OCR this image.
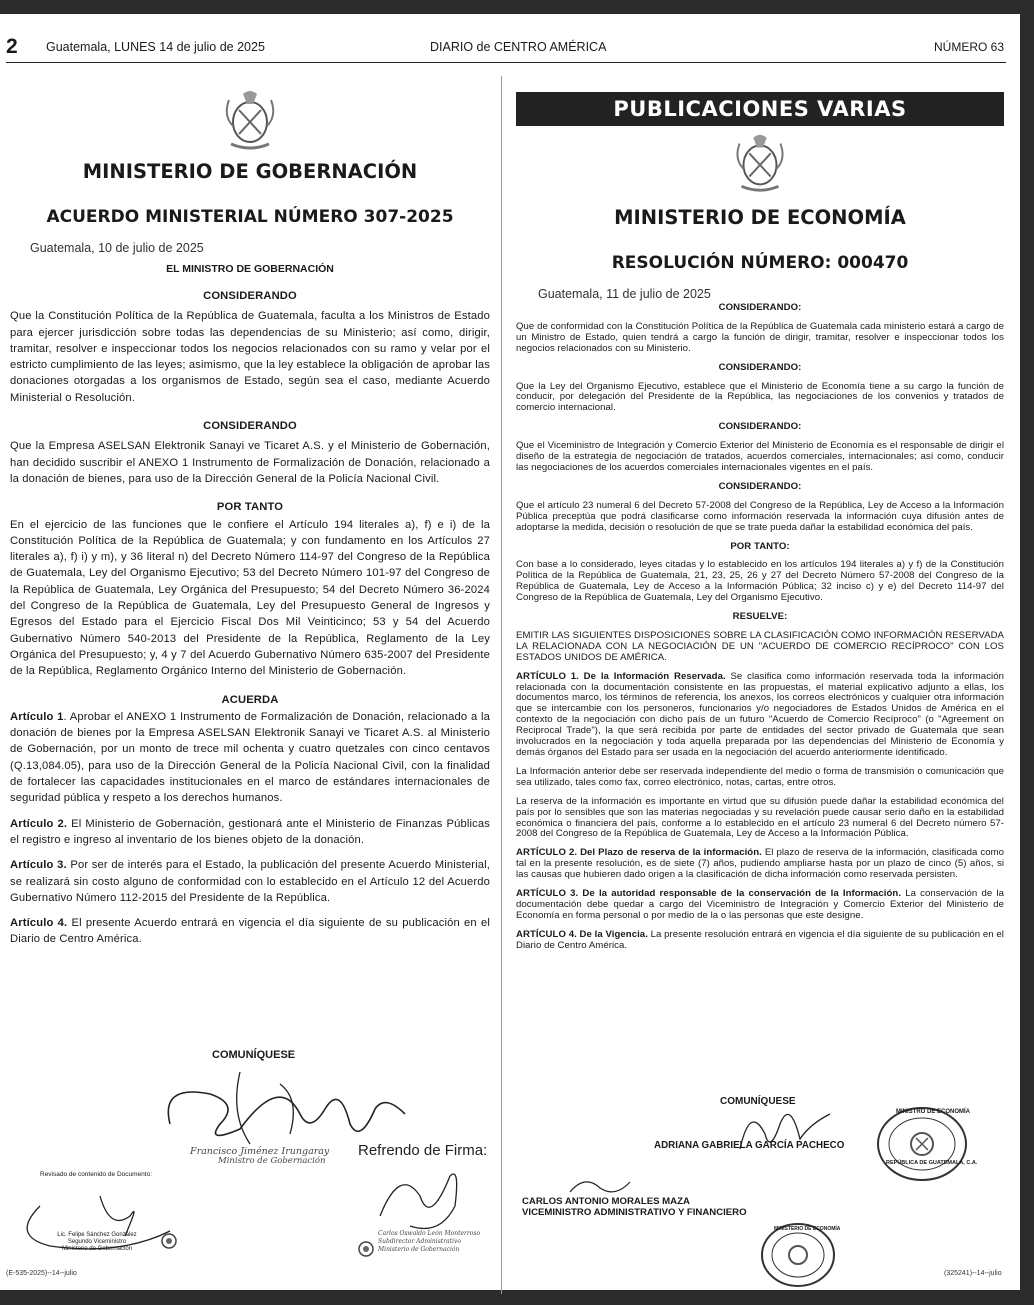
2 Guatemala, LUNES 14 de julio de 2025	DIARIO de CENTRO AMÉRICA	NÚMERO 63
MINISTERIO DE GOBERNACIÓN
ACUERDO MINISTERIAL NÚMERO 307-2025
Guatemala, 10 de julio de 2025
EL MINISTRO DE GOBERNACIÓN
CONSIDERANDO

Que la Constitución Política de la República de Guatemala, faculta a los Ministros de Estado para ejercer jurisdicción sobre todas las dependencias de su Ministerio; así como, dirigir, tramitar, resolver e inspeccionar todos los negocios relacionados con su ramo y velar por el estricto cumplimiento de las leyes; asimismo, que la ley establece la obligación de aprobar las donaciones otorgadas a los organismos de Estado, según sea el caso, mediante Acuerdo Ministerial o Resolución.

CONSIDERANDO

Que la Empresa ASELSAN Elektronik Sanayi ve Ticaret A.S. y el Ministerio de Gobernación, han decidido suscribir el ANEXO 1 Instrumento de Formalización de Donación, relacionado a la donación de bienes, para uso de la Dirección General de la Policía Nacional Civil.

POR TANTO

En el ejercicio de las funciones que le confiere el Artículo 194 literales a), f) e i) de la Constitución Política de la República de Guatemala; y con fundamento en los Artículos 27 literales a), f) i) y m), y 36 literal n) del Decreto Número 114-97 del Congreso de la República de Guatemala, Ley del Organismo Ejecutivo; 53 del Decreto Número 101-97 del Congreso de la República de Guatemala, Ley Orgánica del Presupuesto; 54 del Decreto Número 36-2024 del Congreso de la República de Guatemala, Ley del Presupuesto General de Ingresos y Egresos del Estado para el Ejercicio Fiscal Dos Mil Veinticinco; 53 y 54 del Acuerdo Gubernativo Número 540-2013 del Presidente de la República, Reglamento de la Ley Orgánica del Presupuesto; y, 4 y 7 del Acuerdo Gubernativo Número 635-2007 del Presidente de la República, Reglamento Orgánico Interno del Ministerio de Gobernación.

ACUERDA

Artículo 1. Aprobar el ANEXO 1 Instrumento de Formalización de Donación, relacionado a la donación de bienes por la Empresa ASELSAN Elektronik Sanayi ve Ticaret A.S. al Ministerio de Gobernación, por un monto de trece mil ochenta y cuatro quetzales con cinco centavos (Q.13,084.05), para uso de la Dirección General de la Policía Nacional Civil, con la finalidad de fortalecer las capacidades institucionales en el marco de estándares internacionales de seguridad pública y respeto a los derechos humanos.

Artículo 2. El Ministerio de Gobernación, gestionará ante el Ministerio de Finanzas Públicas el registro e ingreso al inventario de los bienes objeto de la donación.

Artículo 3. Por ser de interés para el Estado, la publicación del presente Acuerdo Ministerial, se realizará sin costo alguno de conformidad con lo establecido en el Artículo 12 del Acuerdo Gubernativo Número 112-2015 del Presidente de la República.

Artículo 4. El presente Acuerdo entrará en vigencia el día siguiente de su publicación en el Diario de Centro América.

COMUNÍQUESE
Francisco Jiménez Irungaray
Ministro de Gobernación
Refrendo de Firma:
Revisado de contenido de Documento:
Lic. Felipe Sánchez González
Segundo Viceministro
Ministerio de Gobernación
Carlos Oswaldo León Monterroso
Subdirector Administrativo
Ministerio de Gobernación
(E-535-2025)--14--julio
PUBLICACIONES VARIAS
MINISTERIO DE ECONOMÍA
RESOLUCIÓN NÚMERO: 000470
Guatemala, 11 de julio de 2025
CONSIDERANDO:

Que de conformidad con la Constitución Política de la República de Guatemala cada ministerio estará a cargo de un Ministro de Estado, quien tendrá a cargo la función de dirigir, tramitar, resolver e inspeccionar todos los negocios relacionados con su Ministerio.

CONSIDERANDO:

Que la Ley del Organismo Ejecutivo, establece que el Ministerio de Economía tiene a su cargo la función de conducir, por delegación del Presidente de la República, las negociaciones de los convenios y tratados de comercio internacional.

CONSIDERANDO:

Que el Viceministro de Integración y Comercio Exterior del Ministerio de Economía es el responsable de dirigir el diseño de la estrategia de negociación de tratados, acuerdos comerciales, internacionales; así como, conducir las negociaciones de los acuerdos comerciales internacionales vigentes en el país.

CONSIDERANDO:

Que el artículo 23 numeral 6 del Decreto 57-2008 del Congreso de la República, Ley de Acceso a la Información Pública preceptúa que podrá clasificarse como información reservada la información cuya difusión antes de adoptarse la medida, decisión o resolución de que se trate pueda dañar la estabilidad económica del país.

POR TANTO:

Con base a lo considerado, leyes citadas y lo establecido en los artículos 194 literales a) y f) de la Constitución Política de la República de Guatemala, 21, 23, 25, 26 y 27 del Decreto Número 57-2008 del Congreso de la República de Guatemala, Ley de Acceso a la Información Pública; 32 inciso c) y e) del Decreto 114-97 del Congreso de la República de Guatemala, Ley del Organismo Ejecutivo.

RESUELVE:

EMITIR LAS SIGUIENTES DISPOSICIONES SOBRE LA CLASIFICACIÓN COMO INFORMACIÓN RESERVADA LA RELACIONADA CON LA NEGOCIACIÓN DE UN "ACUERDO DE COMERCIO RECÍPROCO" CON LOS ESTADOS UNIDOS DE AMÉRICA.

ARTÍCULO 1. De la Información Reservada. Se clasifica como información reservada toda la información relacionada con la documentación consistente en las propuestas, el material explicativo adjunto a ellas, los documentos marco, los términos de referencia, los anexos, los correos electrónicos y cualquier otra información que se intercambie con los personeros, funcionarios y/o negociadores de Estados Unidos de América en el contexto de la negociación con dicho país de un futuro "Acuerdo de Comercio Recíproco" (o "Agreement on Reciprocal Trade"), la que será recibida por parte de entidades del sector privado de Guatemala que sean involucrados en la negociación y toda aquella preparada por las dependencias del Ministerio de Economía y demás órganos del Estado para ser usada en la negociación del acuerdo anteriormente identificado.

La Información anterior debe ser reservada independiente del medio o forma de transmisión o comunicación que sea utilizado, tales como fax, correo electrónico, notas, cartas, entre otros.

La reserva de la información es importante en virtud que su difusión puede dañar la estabilidad económica del país por lo sensibles que son las materias negociadas y su revelación puede causar serio daño en la estabilidad económica o financiera del país, conforme a lo establecido en el artículo 23 numeral 6 del Decreto número 57-2008 del Congreso de la República de Guatemala, Ley de Acceso a la Información Pública.

ARTÍCULO 2. Del Plazo de reserva de la información. El plazo de reserva de la información, clasificada como tal en la presente resolución, es de siete (7) años, pudiendo ampliarse hasta por un plazo de cinco (5) años, si las causas que hubieren dado origen a la clasificación de dicha información como reservada persisten.

ARTÍCULO 3. De la autoridad responsable de la conservación de la Información. La conservación de la documentación debe quedar a cargo del Viceministro de Integración y Comercio Exterior del Ministerio de Economía en forma personal o por medio de la o las personas que este designe.

ARTÍCULO 4. De la Vigencia. La presente resolución entrará en vigencia el día siguiente de su publicación en el Diario de Centro América.

COMUNÍQUESE
ADRIANA GABRIELA GARCÍA PACHECO
MINISTRO DE ECONOMÍA
REPÚBLICA DE GUATEMALA, C.A.
CARLOS ANTONIO MORALES MAZA
VICEMINISTRO ADMINISTRATIVO Y FINANCIERO
MINISTERIO DE ECONOMÍA
(325241)--14--julio
